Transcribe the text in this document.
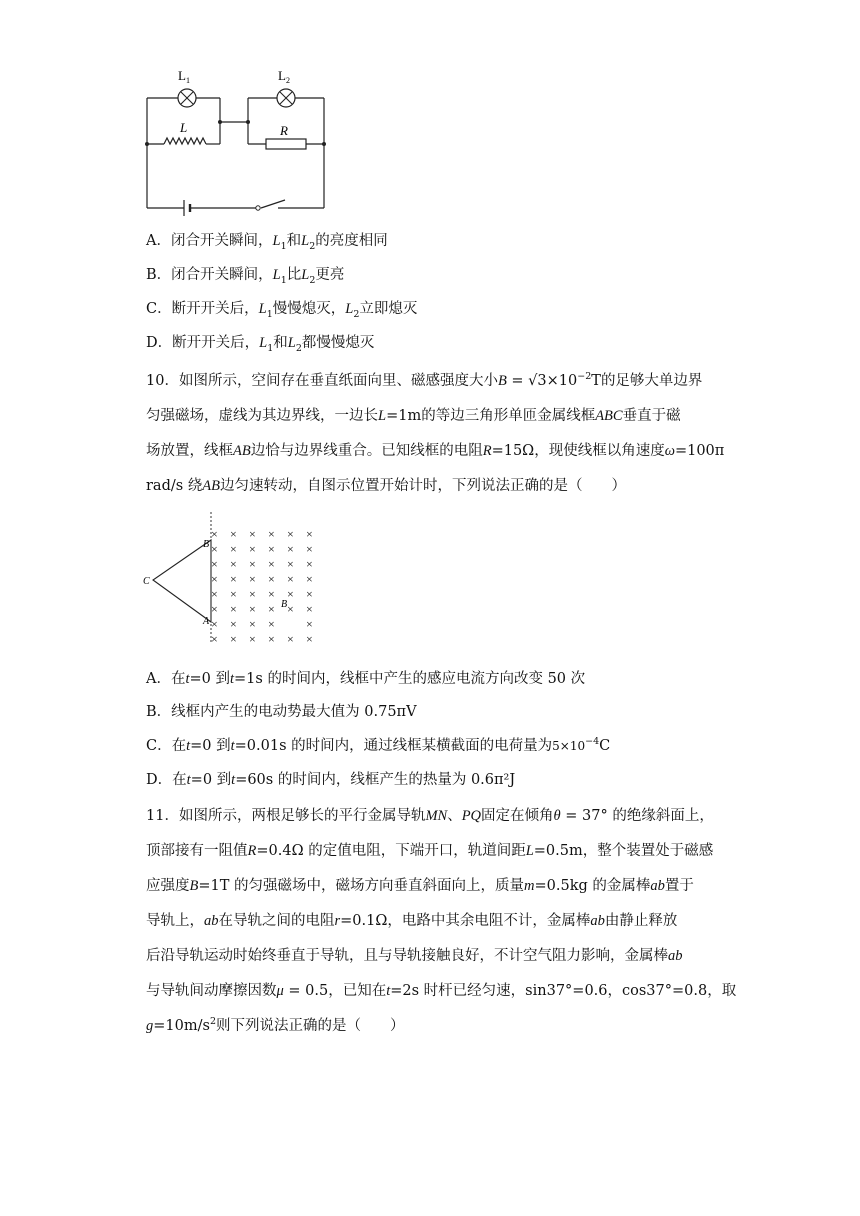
$L_1$	$L_2$
L	R
A．闭合开关瞬间，$L_1$和$L_2$的亮度相同
B．闭合开关瞬间，$L_1$比$L_2$更亮
C．断开开关后，$L_1$慢慢熄灭，$L_2$立即熄灭
D．断开开关后，$L_1$和$L_2$都慢慢熄灭
10．如图所示，空间存在垂直纸面向里、磁感强度大小$B = √3\times 10^{-2}T$的足够大单边界
匀强磁场，虚线为其边界线，一边长L=1m的等边三角形单匝金属线框ABC垂直于磁
场放置，线框AB边恰与边界线重合。已知线框的电阻R=15Ω，现使线框以角速度ω=100π
rad/s 绕AB边匀速转动，自图示位置开始计时，下列说法正确的是（　　）
× × × × × ×
× × × × × ×
× × × × × ×
× × × × × ×
× × × × × ×
× × × × × ×
× × × ×	×
× × × × × ×
B
C
A
B
A．在t=0 到t=1s 的时间内，线框中产生的感应电流方向改变 50 次
B．线框内产生的电动势最大值为 0.75πV
C．在t=0 到t=0.01s 的时间内，通过线框某横截面的电荷量为$5\times 10^{-4}C$
D．在t=0 到t=60s 的时间内，线框产生的热量为 0.6π²J
11．如图所示，两根足够长的平行金属导轨MN、PQ固定在倾角θ = 37° 的绝缘斜面上，
顶部接有一阻值R=0.4Ω 的定值电阻，下端开口，轨道间距L=0.5m，整个装置处于磁感
应强度B=1T 的匀强磁场中，磁场方向垂直斜面向上，质量m=0.5kg 的金属棒ab置于
导轨上，ab在导轨之间的电阻r=0.1Ω，电路中其余电阻不计，金属棒ab由静止释放
后沿导轨运动时始终垂直于导轨，且与导轨接触良好，不计空气阻力影响，金属棒ab
与导轨间动摩擦因数μ = 0.5，已知在t=2s 时杆已经匀速，sin37°=0.6，cos37°=0.8，取
$g=10m/s^2$则下列说法正确的是（　　）
